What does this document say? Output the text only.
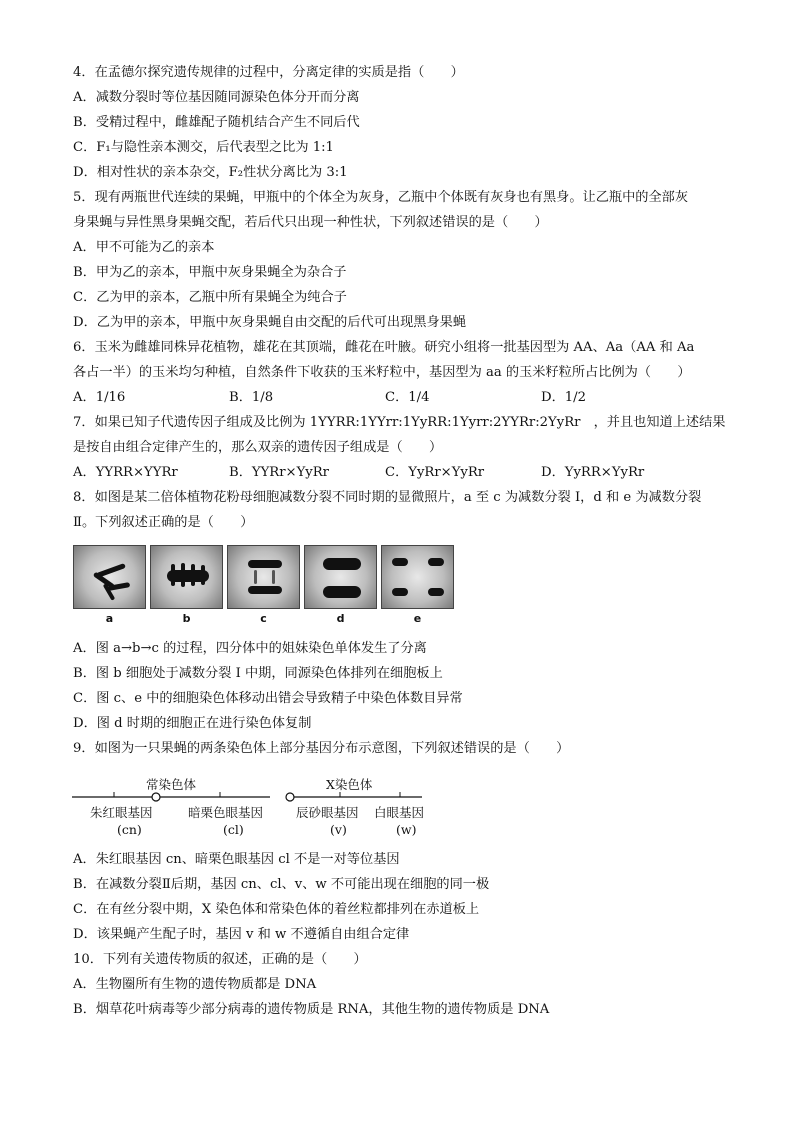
4．在孟德尔探究遗传规律的过程中，分离定律的实质是指（　　）
A．减数分裂时等位基因随同源染色体分开而分离
B．受精过程中，雌雄配子随机结合产生不同后代
C．F₁与隐性亲本测交，后代表型之比为 1:1
D．相对性状的亲本杂交，F₂性状分离比为 3:1
5．现有两瓶世代连续的果蝇，甲瓶中的个体全为灰身，乙瓶中个体既有灰身也有黑身。让乙瓶中的全部灰
身果蝇与异性黑身果蝇交配，若后代只出现一种性状，下列叙述错误的是（　　）
A．甲不可能为乙的亲本
B．甲为乙的亲本，甲瓶中灰身果蝇全为杂合子
C．乙为甲的亲本，乙瓶中所有果蝇全为纯合子
D．乙为甲的亲本，甲瓶中灰身果蝇自由交配的后代可出现黑身果蝇
6．玉米为雌雄同株异花植物，雄花在其顶端，雌花在叶腋。研究小组将一批基因型为 AA、Aa（AA 和 Aa
各占一半）的玉米均匀种植，自然条件下收获的玉米籽粒中，基因型为 aa 的玉米籽粒所占比例为（　　）
A．1/16	B．1/8	C．1/4	D．1/2
7．如果已知子代遗传因子组成及比例为 1YYRR:1YYrr:1YyRR:1Yyrr:2YYRr:2YyRr　，并且也知道上述结果
是按自由组合定律产生的，那么双亲的遗传因子组成是（　　）
A．YYRR×YYRr	B．YYRr×YyRr	C．YyRr×YyRr	D．YyRR×YyRr
8．如图是某二倍体植物花粉母细胞减数分裂不同时期的显微照片，a 至 c 为减数分裂 I，d 和 e 为减数分裂
Ⅱ。下列叙述正确的是（　　）
a	b	c	d	e
A．图 a→b→c 的过程，四分体中的姐妹染色单体发生了分离
B．图 b 细胞处于减数分裂 I 中期，同源染色体排列在细胞板上
C．图 c、e 中的细胞染色体移动出错会导致精子中染色体数目异常
D．图 d 时期的细胞正在进行染色体复制
9．如图为一只果蝇的两条染色体上部分基因分布示意图，下列叙述错误的是（　　）
常染色体	X染色体
朱红眼基因
(cn)
暗栗色眼基因
(cl)
辰砂眼基因
(v)
白眼基因
(w)
A．朱红眼基因 cn、暗栗色眼基因 cl 不是一对等位基因
B．在减数分裂Ⅱ后期，基因 cn、cl、v、w 不可能出现在细胞的同一极
C．在有丝分裂中期，X 染色体和常染色体的着丝粒都排列在赤道板上
D．该果蝇产生配子时，基因 v 和 w 不遵循自由组合定律
10．下列有关遗传物质的叙述，正确的是（　　）
A．生物圈所有生物的遗传物质都是 DNA
B．烟草花叶病毒等少部分病毒的遗传物质是 RNA，其他生物的遗传物质是 DNA
